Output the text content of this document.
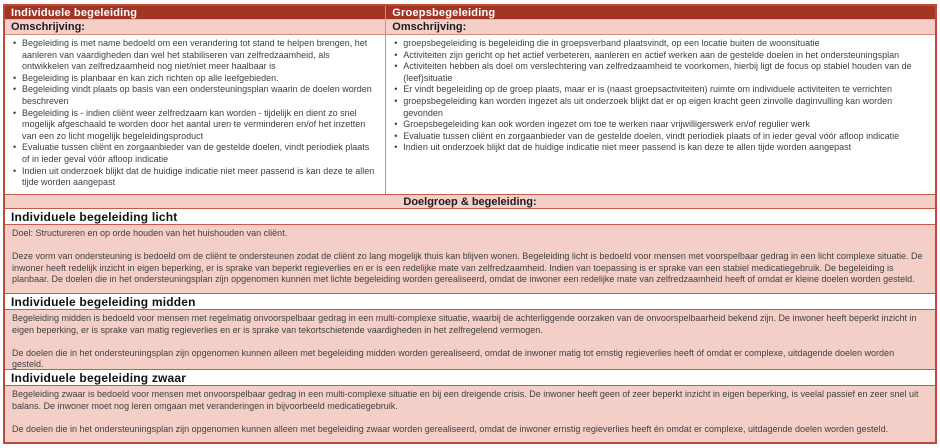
Individuele begeleiding	Groepsbegeleiding
Omschrijving:	Omschrijving:
• Begeleiding is met name bedoeld om een verandering tot stand te helpen brengen, het aanleren van vaardigheden dan wel het stabiliseren van zelfredzaamheid, als ontwikkelen van zelfredzaamheid nog niet/niet meer haalbaar is
• Begeleiding is planbaar en kan zich richten op alle leefgebieden.
• Begeleiding vindt plaats op basis van een ondersteuningsplan waarin de doelen worden beschreven
• Begeleiding is - indien cliënt weer zelfredzaam kan worden - tijdelijk en dient zo snel mogelijk afgeschaald te worden door het aantal uren te verminderen en/of het inzetten van een zo licht mogelijk begeleidingsproduct
• Evaluatie tussen cliënt en zorgaanbieder van de gestelde doelen, vindt periodiek plaats of in ieder geval vóór afloop indicatie
• Indien uit onderzoek blijkt dat de huidige indicatie niet meer passend is kan deze te allen tijde worden aangepast
• groepsbegeleiding is begeleiding die in groepsverband plaatsvindt, op een locatie buiten de woonsituatie
• Activiteiten zijn gericht op het actief verbeteren, aanleren en actief werken aan de gestelde doelen in het ondersteuningsplan
• Activiteiten hebben als doel om verslechtering van zelfredzaamheid te voorkomen, hierbij ligt de focus op stabiel houden van de (leef)situatie
• Er vindt begeleiding op de groep plaats, maar er is (naast groepsactiviteiten) ruimte om individuele activiteiten te verrichten
• groepsbegeleiding kan worden ingezet als uit onderzoek blijkt dat er op eigen kracht geen zinvolle daginvulling kan worden gevonden
• Groepsbegeleiding kan ook worden ingezet om toe te werken naar vrijwilligerswerk en/of regulier werk
• Evaluatie tussen cliënt en zorgaanbieder van de gestelde doelen, vindt periodiek plaats of in ieder geval vóór afloop indicatie
• Indien uit onderzoek blijkt dat de huidige indicatie niet meer passend is kan deze te allen tijde worden aangepast
Doelgroep & begeleiding:
Individuele begeleiding licht

Doel: Structureren en op orde houden van het huishouden van cliënt.

Deze vorm van ondersteuning is bedoeld om de cliënt te ondersteunen zodat de cliënt zo lang mogelijk thuis kan blijven wonen. Begeleiding licht is bedoeld voor mensen met voorspelbaar gedrag in een licht complexe situatie. De inwoner heeft redelijk inzicht in eigen beperking, er is sprake van beperkt regieverlies en er is een redelijke mate van zelfredzaamheid. Indien van toepassing is er sprake van een stabiel medicatiegebruik. De begeleiding is planbaar. De doelen die in het ondersteuningsplan zijn opgenomen kunnen met lichte begeleiding worden gerealiseerd, omdat de inwoner een redelijke mate van zelfredzaamheid heeft of omdat er kleine doelen worden gesteld.

Individuele begeleiding midden

Begeleiding midden is bedoeld voor mensen met regelmatig onvoorspelbaar gedrag in een multi-complexe situatie, waarbij de achterliggende oorzaken van de onvoorspelbaarheid bekend zijn. De inwoner heeft beperkt inzicht in eigen beperking, er is sprake van matig regieverlies en er is sprake van tekortschietende vaardigheden in het zelfregelend vermogen.

De doelen die in het ondersteuningsplan zijn opgenomen kunnen alleen met begeleiding midden worden gerealiseerd, omdat de inwoner matig tot ernstig regieverlies heeft óf omdat er complexe, uitdagende doelen worden gesteld.

Individuele begeleiding zwaar

Begeleiding zwaar is bedoeld voor mensen met onvoorspelbaar gedrag in een multi-complexe situatie en bij een dreigende crisis. De inwoner heeft geen of zeer beperkt inzicht in eigen beperking, is veelal passief en zeer snel uit balans. De inwoner moet nog leren omgaan met veranderingen in bijvoorbeeld medicatiegebruik.

De doelen die in het ondersteuningsplan zijn opgenomen kunnen alleen met begeleiding zwaar worden gerealiseerd, omdat de inwoner ernstig regieverlies heeft én omdat er complexe, uitdagende doelen worden gesteld.
